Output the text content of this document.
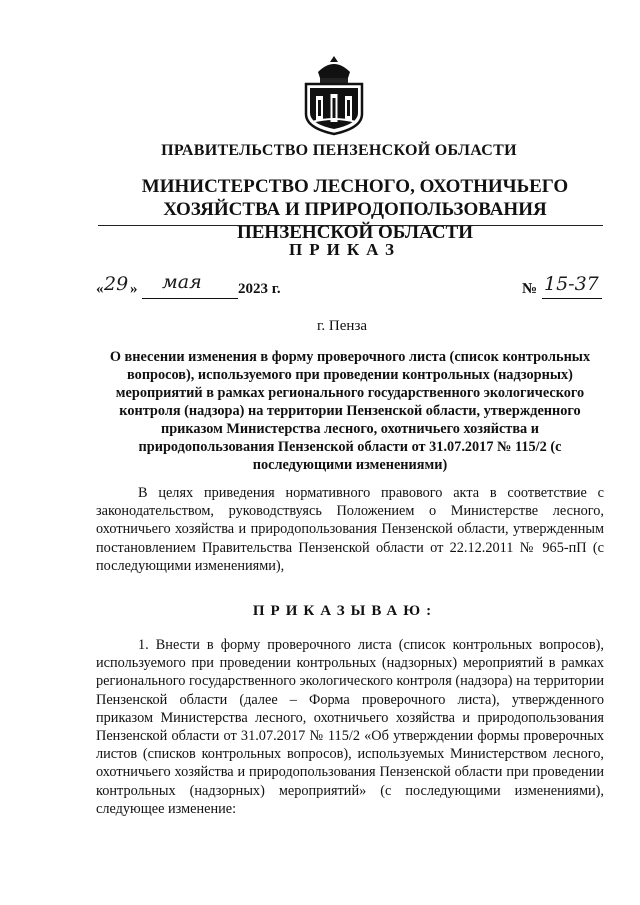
ПРАВИТЕЛЬСТВО ПЕНЗЕНСКОЙ ОБЛАСТИ
МИНИСТЕРСТВО ЛЕСНОГО, ОХОТНИЧЬЕГО ХОЗЯЙСТВА И ПРИРОДОПОЛЬЗОВАНИЯ ПЕНЗЕНСКОЙ ОБЛАСТИ
ПРИКАЗ
« 29 » мая 2023 г.	№ 15-37
г. Пенза
О внесении изменения в форму проверочного листа (список контрольных вопросов), используемого при проведении контрольных (надзорных) мероприятий в рамках регионального государственного экологического контроля (надзора) на территории Пензенской области, утвержденного приказом Министерства лесного, охотничьего хозяйства и природопользования Пензенской области от 31.07.2017 № 115/2 (с последующими изменениями)
В целях приведения нормативного правового акта в соответствие с законодательством, руководствуясь Положением о Министерстве лесного, охотничьего хозяйства и природопользования Пензенской области, утвержденным постановлением Правительства Пензенской области от 22.12.2011 № 965-пП (с последующими изменениями),
ПРИКАЗЫВАЮ:
1. Внести в форму проверочного листа (список контрольных вопросов), используемого при проведении контрольных (надзорных) мероприятий в рамках регионального государственного экологического контроля (надзора) на территории Пензенской области (далее – Форма проверочного листа), утвержденного приказом Министерства лесного, охотничьего хозяйства и природопользования Пензенской области от 31.07.2017 № 115/2 «Об утверждении формы проверочных листов (списков контрольных вопросов), используемых Министерством лесного, охотничьего хозяйства и природопользования Пензенской области при проведении контрольных (надзорных) мероприятий» (с последующими изменениями), следующее изменение:
